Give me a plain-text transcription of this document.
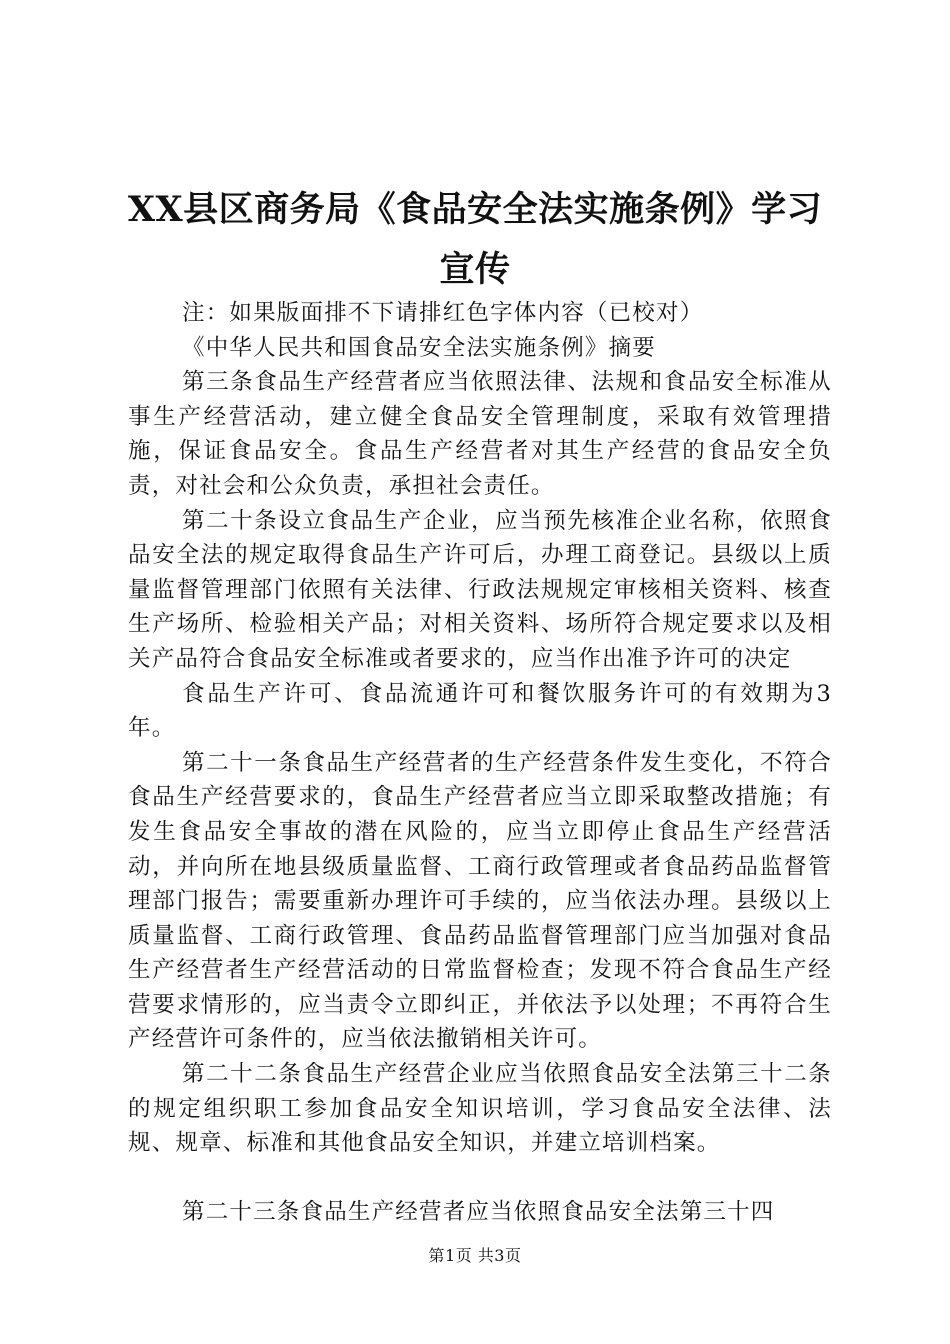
XX县区商务局《食品安全法实施条例》学习
宣传

注：如果版面排不下请排红色字体内容（已校对）

《中华人民共和国食品安全法实施条例》摘要

第三条食品生产经营者应当依照法律、法规和食品安全标准从事生产经营活动，建立健全食品安全管理制度，采取有效管理措施，保证食品安全。食品生产经营者对其生产经营的食品安全负责，对社会和公众负责，承担社会责任。

第二十条设立食品生产企业，应当预先核准企业名称，依照食品安全法的规定取得食品生产许可后，办理工商登记。县级以上质量监督管理部门依照有关法律、行政法规规定审核相关资料、核查生产场所、检验相关产品；对相关资料、场所符合规定要求以及相关产品符合食品安全标准或者要求的，应当作出准予许可的决定

食品生产许可、食品流通许可和餐饮服务许可的有效期为3年。

第二十一条食品生产经营者的生产经营条件发生变化，不符合食品生产经营要求的，食品生产经营者应当立即采取整改措施；有发生食品安全事故的潜在风险的，应当立即停止食品生产经营活动，并向所在地县级质量监督、工商行政管理或者食品药品监督管理部门报告；需要重新办理许可手续的，应当依法办理。县级以上质量监督、工商行政管理、食品药品监督管理部门应当加强对食品生产经营者生产经营活动的日常监督检查；发现不符合食品生产经营要求情形的，应当责令立即纠正，并依法予以处理；不再符合生产经营许可条件的，应当依法撤销相关许可。

第二十二条食品生产经营企业应当依照食品安全法第三十二条的规定组织职工参加食品安全知识培训，学习食品安全法律、法规、规章、标准和其他食品安全知识，并建立培训档案。

第二十三条食品生产经营者应当依照食品安全法第三十四

第1页 共3页
